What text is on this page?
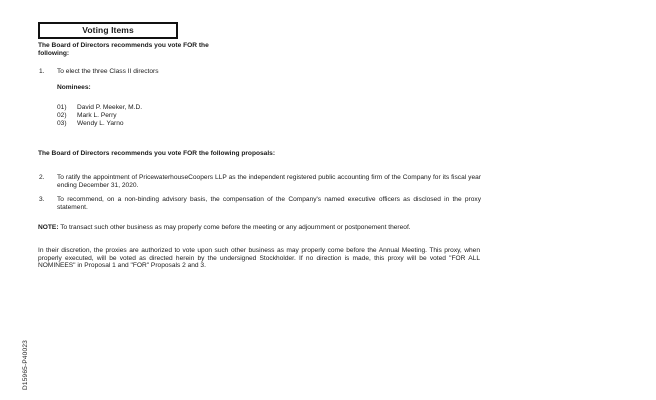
Voting Items
The Board of Directors recommends you vote FOR the following:
1. To elect the three Class II directors
Nominees:
01)	David P. Meeker, M.D.
02)	Mark L. Perry
03)	Wendy L. Yarno
The Board of Directors recommends you vote FOR the following proposals:
2.	To ratify the appointment of PricewaterhouseCoopers LLP as the independent registered public accounting firm of the Company for its fiscal year ending December 31, 2020.
3.	To recommend, on a non-binding advisory basis, the compensation of the Company's named executive officers as disclosed in the proxy statement.
NOTE: To transact such other business as may properly come before the meeting or any adjournment or postponement thereof.
In their discretion, the proxies are authorized to vote upon such other business as may properly come before the Annual Meeting. This proxy, when properly executed, will be voted as directed herein by the undersigned Stockholder. If no direction is made, this proxy will be voted "FOR ALL NOMINEES" in Proposal 1 and "FOR" Proposals 2 and 3.
D15965-P40023
